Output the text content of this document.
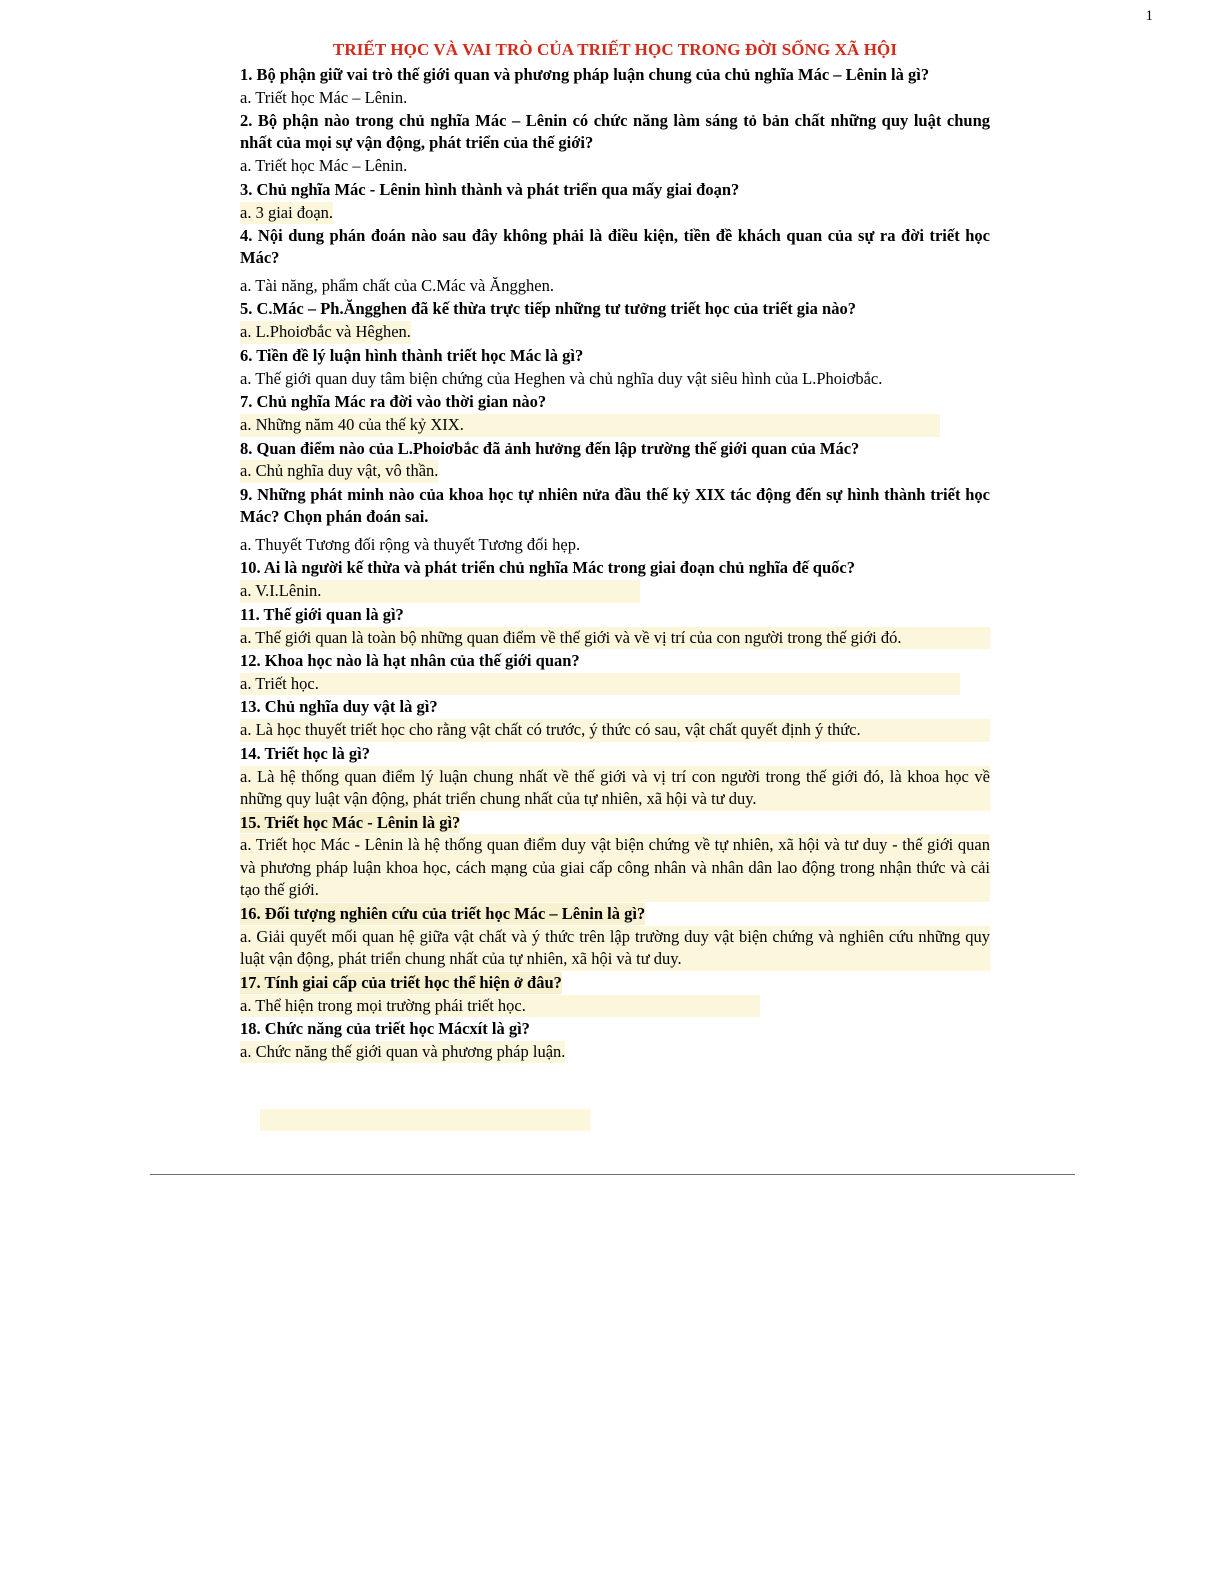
1
TRIẾT HỌC VÀ VAI TRÒ CỦA TRIẾT HỌC TRONG ĐỜI SỐNG XÃ HỘI

1. Bộ phận giữ vai trò thế giới quan và phương pháp luận chung của chủ nghĩa Mác – Lênin là gì?

a. Triết học Mác – Lênin.

2. Bộ phận nào trong chủ nghĩa Mác – Lênin có chức năng làm sáng tỏ bản chất những quy luật chung nhất của mọi sự vận động, phát triển của thế giới?

a. Triết học Mác – Lênin.

3. Chủ nghĩa Mác - Lênin hình thành và phát triển qua mấy giai đoạn?

a. 3 giai đoạn.

4. Nội dung phán đoán nào sau đây không phải là điều kiện, tiền đề khách quan của sự ra đời triết học Mác?

a. Tài năng, phẩm chất của C.Mác và Ăngghen.

5. C.Mác – Ph.Ăngghen đã kế thừa trực tiếp những tư tưởng triết học của triết gia nào?

a. L.Phoiơbắc và Hêghen.

6. Tiền đề lý luận hình thành triết học Mác là gì?

a. Thế giới quan duy tâm biện chứng của Heghen và chủ nghĩa duy vật siêu hình của L.Phoiơbắc.

7. Chủ nghĩa Mác ra đời vào thời gian nào?

a. Những năm 40 của thế kỷ XIX.

8. Quan điểm nào của L.Phoiơbắc đã ảnh hưởng đến lập trường thế giới quan của Mác?

a. Chủ nghĩa duy vật, vô thần.

9. Những phát minh nào của khoa học tự nhiên nửa đầu thế kỷ XIX tác động đến sự hình thành triết học Mác? Chọn phán đoán sai.

a. Thuyết Tương đối rộng và thuyết Tương đối hẹp.

10. Ai là người kế thừa và phát triển chủ nghĩa Mác trong giai đoạn chủ nghĩa đế quốc?

a. V.I.Lênin.

11. Thế giới quan là gì?

a. Thế giới quan là toàn bộ những quan điểm về thế giới và về vị trí của con người trong thế giới đó.

12. Khoa học nào là hạt nhân của thế giới quan?

a. Triết học.

13. Chủ nghĩa duy vật là gì?

a. Là học thuyết triết học cho rằng vật chất có trước, ý thức có sau, vật chất quyết định ý thức.

14. Triết học là gì?

a. Là hệ thống quan điểm lý luận chung nhất về thế giới và vị trí con người trong thế giới đó, là khoa học về những quy luật vận động, phát triển chung nhất của tự nhiên, xã hội và tư duy.

15. Triết học Mác - Lênin là gì?

a. Triết học Mác - Lênin là hệ thống quan điểm duy vật biện chứng về tự nhiên, xã hội và tư duy - thế giới quan và phương pháp luận khoa học, cách mạng của giai cấp công nhân và nhân dân lao động trong nhận thức và cải tạo thế giới.

16. Đối tượng nghiên cứu của triết học Mác – Lênin là gì?

a. Giải quyết mối quan hệ giữa vật chất và ý thức trên lập trường duy vật biện chứng và nghiên cứu những quy luật vận động, phát triển chung nhất của tự nhiên, xã hội và tư duy.

17. Tính giai cấp của triết học thể hiện ở đâu?

a. Thể hiện trong mọi trường phái triết học.

18. Chức năng của triết học Mácxít là gì?

a. Chức năng thế giới quan và phương pháp luận.
